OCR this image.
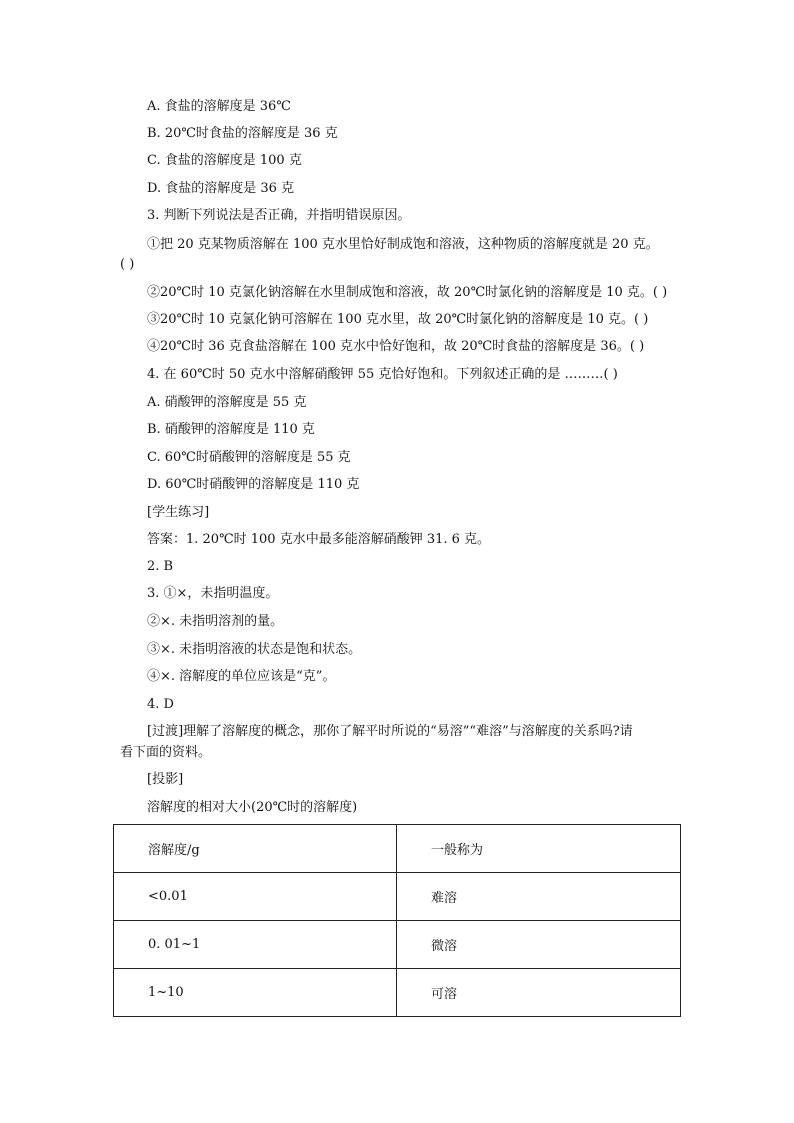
A. 食盐的溶解度是 36℃
B. 20℃时食盐的溶解度是 36 克
C. 食盐的溶解度是 100 克
D. 食盐的溶解度是 36 克
3. 判断下列说法是否正确，并指明错误原因。
①把 20 克某物质溶解在 100 克水里恰好制成饱和溶液，这种物质的溶解度就是 20 克。
( )
②20℃时 10 克氯化钠溶解在水里制成饱和溶液，故 20℃时氯化钠的溶解度是 10 克。( )
③20℃时 10 克氯化钠可溶解在 100 克水里，故 20℃时氯化钠的溶解度是 10 克。( )
④20℃时 36 克食盐溶解在 100 克水中恰好饱和，故 20℃时食盐的溶解度是 36。( )
4. 在 60℃时 50 克水中溶解硝酸钾 55 克恰好饱和。下列叙述正确的是 ………( )
A. 硝酸钾的溶解度是 55 克
B. 硝酸钾的溶解度是 110 克
C. 60℃时硝酸钾的溶解度是 55 克
D. 60℃时硝酸钾的溶解度是 110 克
[学生练习]
答案：1. 20℃时 100 克水中最多能溶解硝酸钾 31. 6 克。
2. B
3. ①×，未指明温度。
②×. 未指明溶剂的量。
③×. 未指明溶液的状态是饱和状态。
④×. 溶解度的单位应该是“克”。
4. D
[过渡]理解了溶解度的概念，那你了解平时所说的“易溶”“难溶”与溶解度的关系吗?请
看下面的资料。
[投影]
溶解度的相对大小(20℃时的溶解度)
溶解度/g	一般称为
<0.01	难溶
0. 01~1	微溶
1~10	可溶
